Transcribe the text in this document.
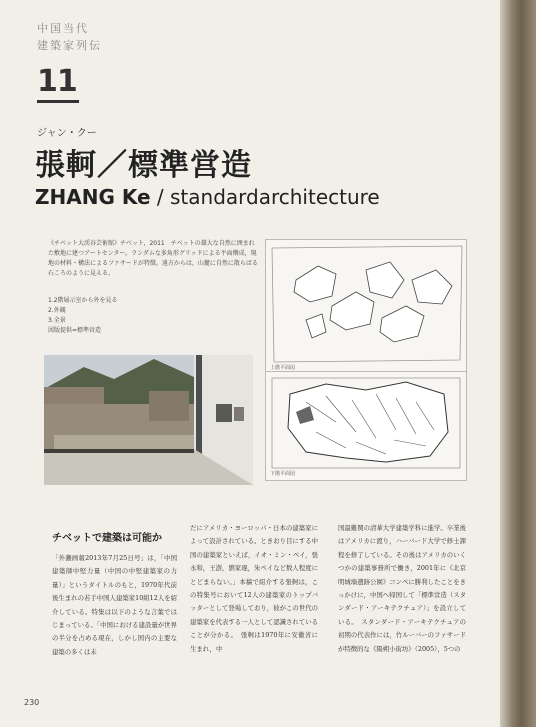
中国当代
建築家列伝
11
ジャン・クー
張軻／標準営造
ZHANG Ke / standardarchitecture
《チベット大渓谷芸術館》チベット，2011　チベットの雄大な自然に囲まれた敷地に建つアートセンター。ランダムな多角形グリッドによる平面構成，現地の材料・構法によるファサードが特徴。遠方からは，山麓に自然に散らばる石ころのように見える。
1.2階展示室から外を見る
2.外観
3.全景
図版提供=標準営造
上階平面図
下階平面図
チベットで建築は可能か
「外灘画報2013年7月25日号」は，「中国建築師中堅力量（中国の中堅建築家の力量）」というタイトルのもと，1970年代前後生まれの若手中国人建築家10組12人を紹介している。特集は以下のような言葉ではじまっている。「中国における建設量が世界の半分を占める現在，しかし国内の主要な建築の多くは未
だにアメリカ・ヨーロッパ・日本の建築家によって設計されている。ときおり目にする中国の建築家といえば，イオ・ミン・ペイ，張永和，王澍，劉家琨，朱ペイなど数人程度にとどまらない。」本稿で紹介する張軻は，この特集号において12人の建築家のトップバッターとして登場しており，彼がこの世代の建築家を代表する一人として認識されていることが分かる。　張軻は1970年に安徽省に生まれ，中
国最難関の清華大学建築学科に進学。卒業後はアメリカに渡り，ハーバード大学で修士課程を修了している。その後はアメリカのいくつかの建築事務所で働き，2001年に《北京明城墙遺跡公園》コンペに勝利したことをきっかけに，中国へ帰国して「標準営造（スタンダード・アーキテクチュア）」を設立している。　スタンダード・アーキテクチュアの初期の代表作には，竹ルーバーのファサードが特徴的な《陽朔小街坊》（2005），5つの
230
